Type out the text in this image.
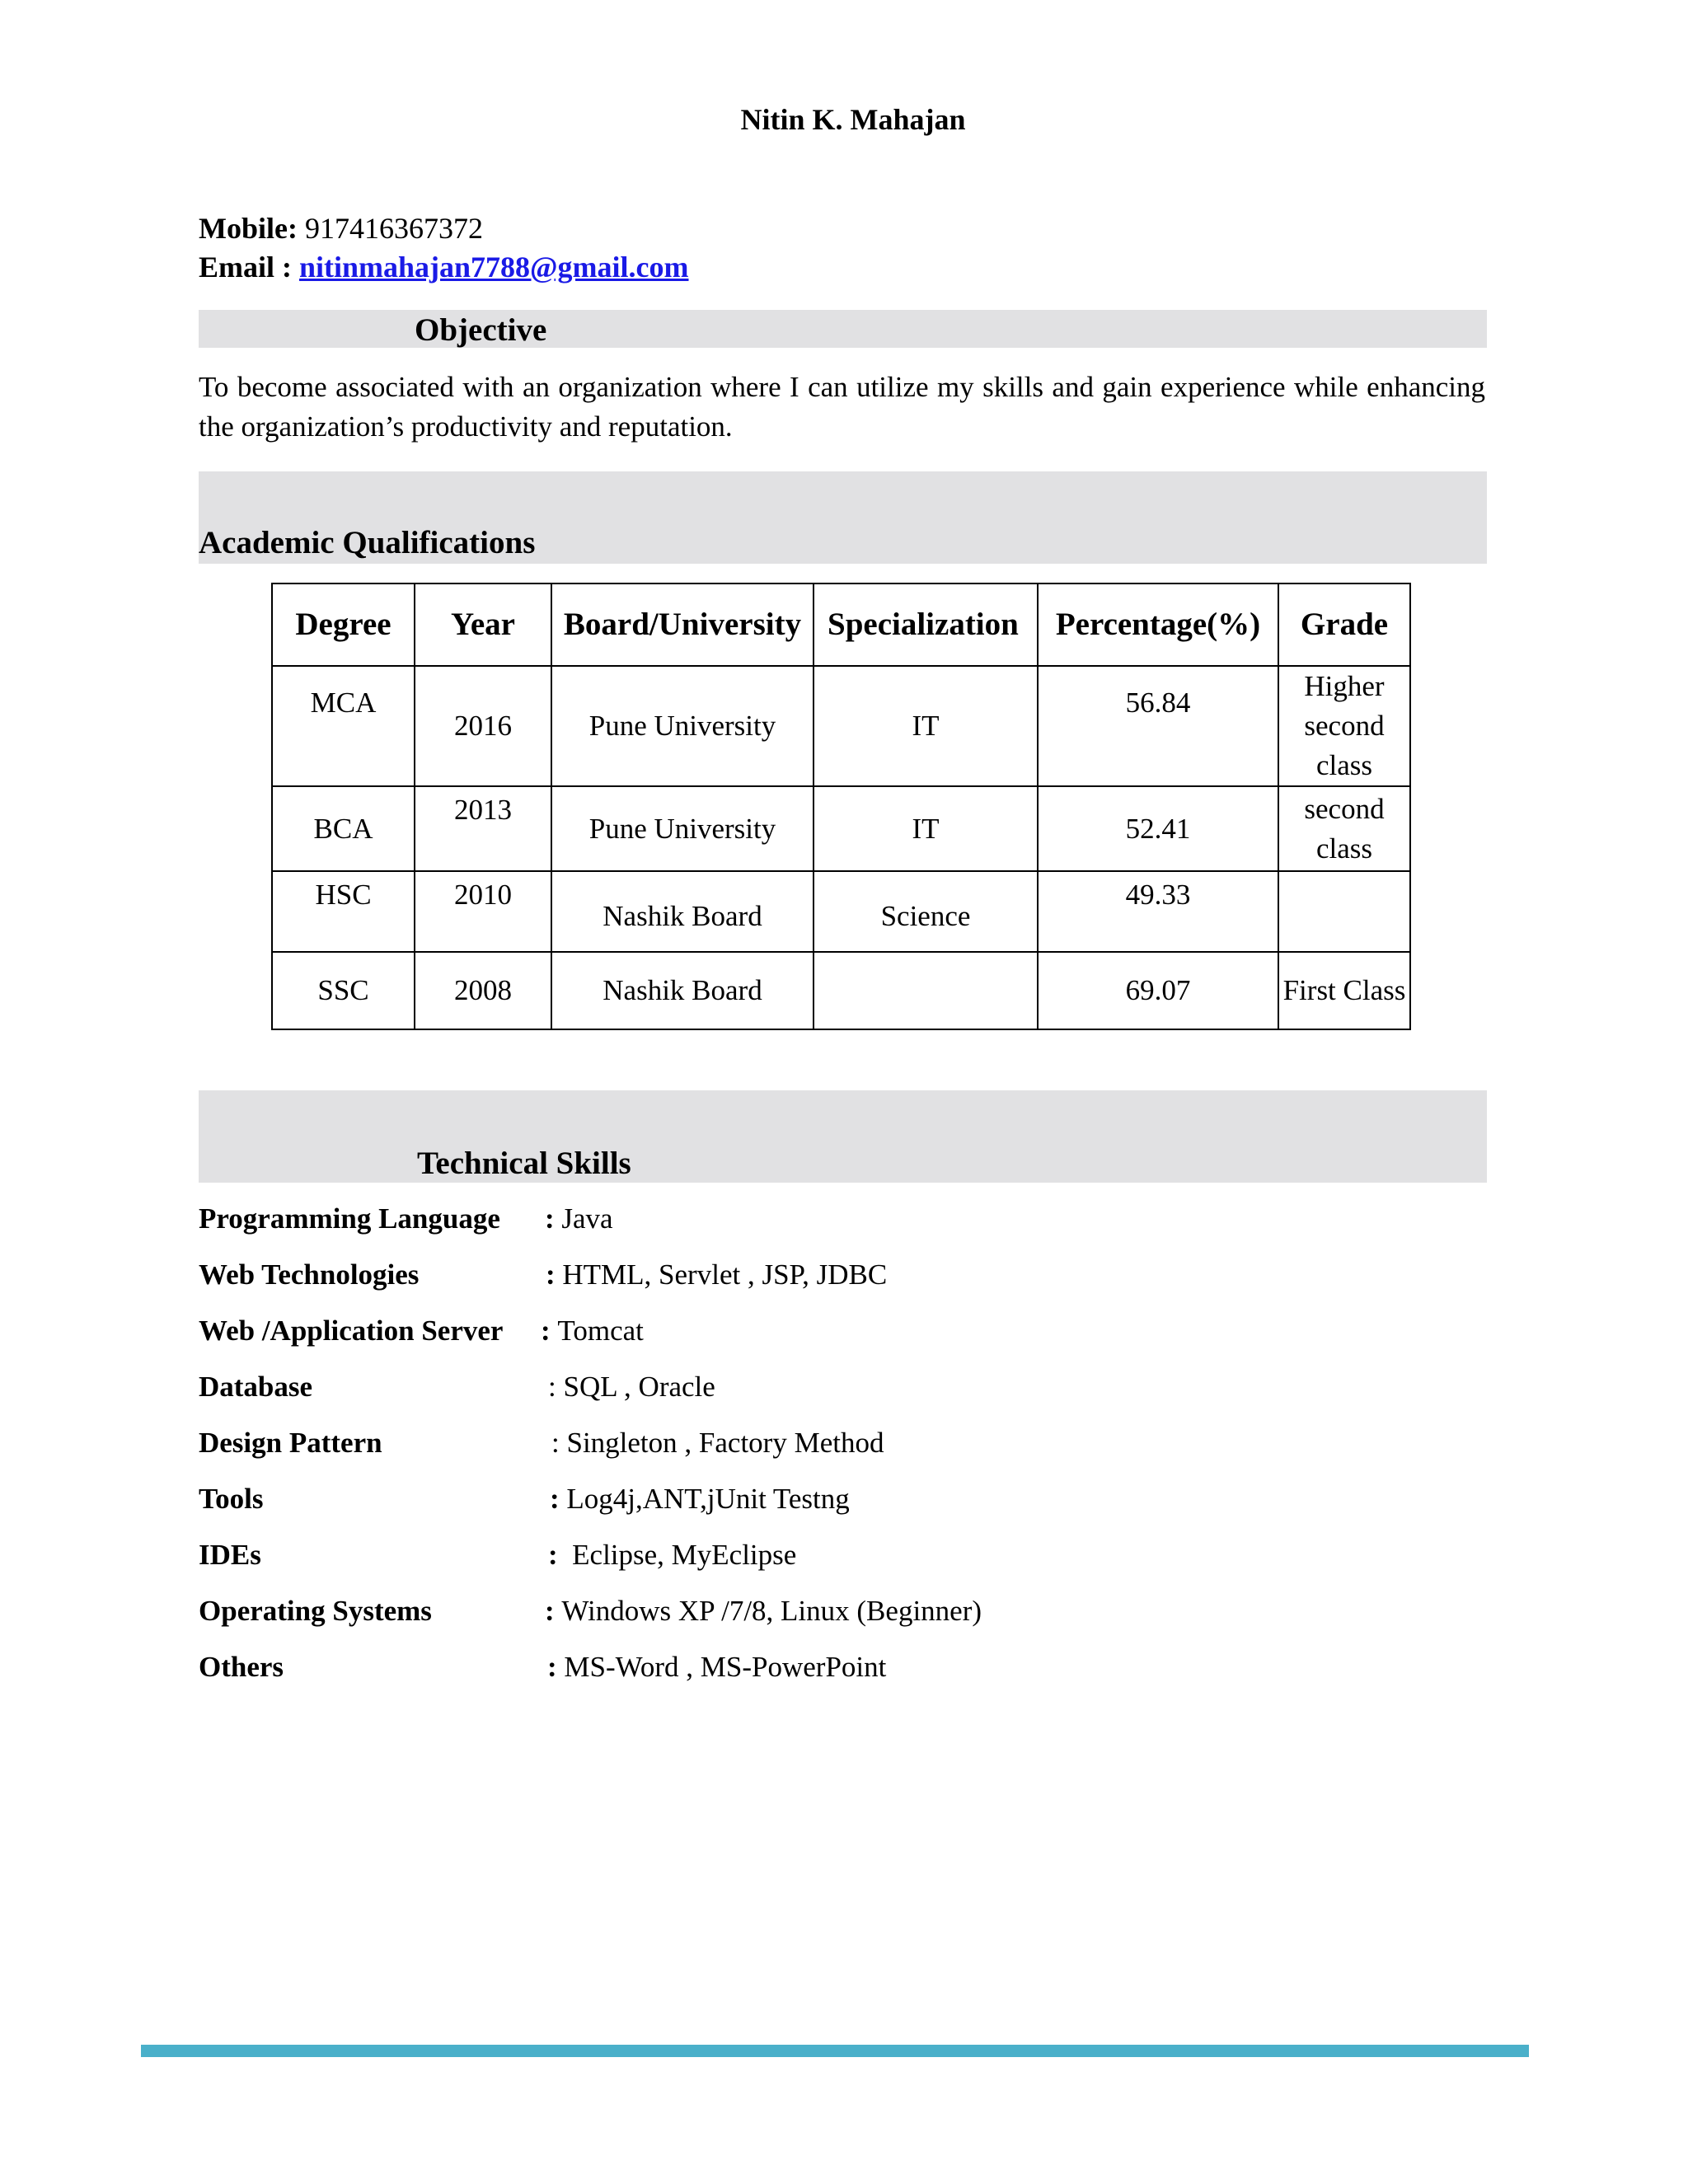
Nitin K. Mahajan
Mobile: 917416367372
Email : nitinmahajan7788@gmail.com
Objective
To become associated with an organization where I can utilize my skills and gain experience while enhancing the organization’s productivity and reputation.
Academic Qualifications
Degree	Year	Board/University	Specialization	Percentage(%)	Grade
MCA	2016	Pune University	IT	56.84	Higher second class
BCA	2013	Pune University	IT	52.41	second class
HSC	2010	Nashik Board	Science	49.33	
SSC	2008	Nashik Board		69.07	First Class
Technical Skills
Programming Language : Java
Web Technologies	: HTML, Servlet , JSP, JDBC
Web /Application Server : Tomcat
Database	: SQL , Oracle
Design Pattern	: Singleton , Factory Method
Tools	: Log4j,ANT,jUnit Testng
IDEs	:  Eclipse, MyEclipse
Operating Systems	: Windows XP /7/8, Linux (Beginner)
Others	: MS-Word , MS-PowerPoint
